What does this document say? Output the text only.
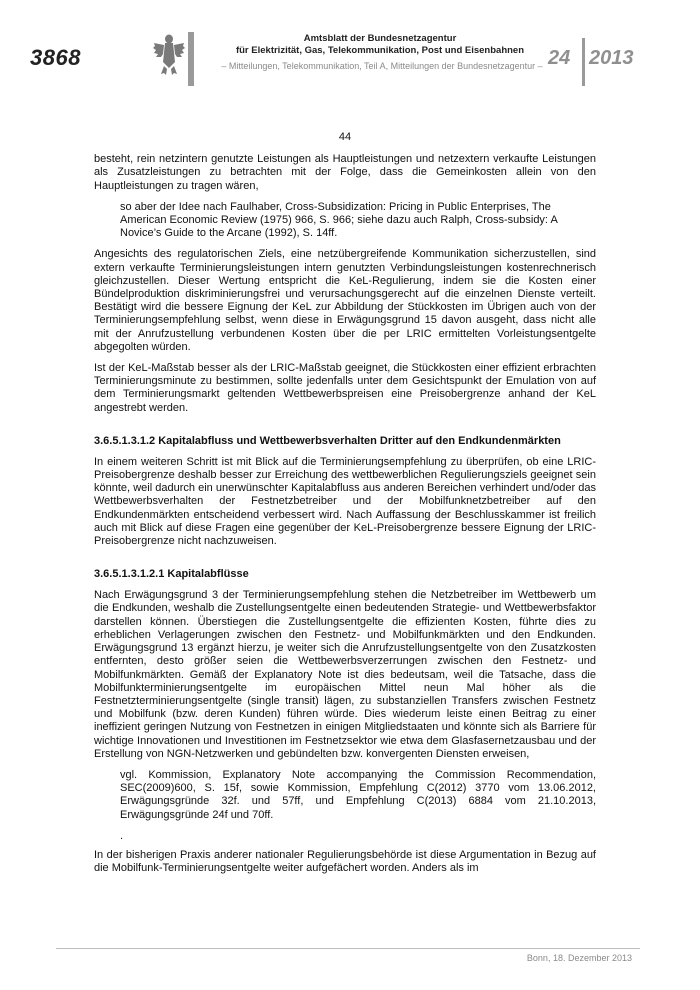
3868
Amtsblatt der Bundesnetzagentur
für Elektrizität, Gas, Telekommunikation, Post und Eisenbahnen
– Mitteilungen, Telekommunikation, Teil A, Mitteilungen der Bundesnetzagentur – 24 2013
44

besteht, rein netzintern genutzte Leistungen als Hauptleistungen und netzextern verkaufte Leistungen als Zusatzleistungen zu betrachten mit der Folge, dass die Gemeinkosten allein von den Hauptleistungen zu tragen wären,

so aber der Idee nach Faulhaber, Cross-Subsidization: Pricing in Public Enterprises, The American Economic Review (1975) 966, S. 966; siehe dazu auch Ralph, Cross-subsidy: A Novice’s Guide to the Arcane (1992), S. 14ff.

Angesichts des regulatorischen Ziels, eine netzübergreifende Kommunikation sicherzustellen, sind extern verkaufte Terminierungsleistungen intern genutzten Verbindungsleistungen kostenrechnerisch gleichzustellen. Dieser Wertung entspricht die KeL-Regulierung, indem sie die Kosten einer Bündelproduktion diskriminierungsfrei und verursachungsgerecht auf die einzelnen Dienste verteilt. Bestätigt wird die bessere Eignung der KeL zur Abbildung der Stückkosten im Übrigen auch von der Terminierungsempfehlung selbst, wenn diese in Erwägungsgrund 15 davon ausgeht, dass nicht alle mit der Anrufzustellung verbundenen Kosten über die per LRIC ermittelten Vorleistungsentgelte abgegolten würden.

Ist der KeL-Maßstab besser als der LRIC-Maßstab geeignet, die Stückkosten einer effizient erbrachten Terminierungsminute zu bestimmen, sollte jedenfalls unter dem Gesichtspunkt der Emulation von auf dem Terminierungsmarkt geltenden Wettbewerbspreisen eine Preisobergrenze anhand der KeL angestrebt werden.

3.6.5.1.3.1.2 Kapitalabfluss und Wettbewerbsverhalten Dritter auf den Endkundenmärkten

In einem weiteren Schritt ist mit Blick auf die Terminierungsempfehlung zu überprüfen, ob eine LRIC-Preisobergrenze deshalb besser zur Erreichung des wettbewerblichen Regulierungsziels geeignet sein könnte, weil dadurch ein unerwünschter Kapitalabfluss aus anderen Bereichen verhindert und/oder das Wettbewerbsverhalten der Festnetzbetreiber und der Mobilfunknetzbetreiber auf den Endkundenmärkten entscheidend verbessert wird. Nach Auffassung der Beschlusskammer ist freilich auch mit Blick auf diese Fragen eine gegenüber der KeL-Preisobergrenze bessere Eignung der LRIC-Preisobergrenze nicht nachzuweisen.

3.6.5.1.3.1.2.1 Kapitalabflüsse

Nach Erwägungsgrund 3 der Terminierungsempfehlung stehen die Netzbetreiber im Wettbewerb um die Endkunden, weshalb die Zustellungsentgelte einen bedeutenden Strategie- und Wettbewerbsfaktor darstellen können. Überstiegen die Zustellungsentgelte die effizienten Kosten, führte dies zu erheblichen Verlagerungen zwischen den Festnetz- und Mobilfunkmärkten und den Endkunden. Erwägungsgrund 13 ergänzt hierzu, je weiter sich die Anrufzustellungsentgelte von den Zusatzkosten entfernten, desto größer seien die Wettbewerbsverzerrungen zwischen den Festnetz- und Mobilfunkmärkten. Gemäß der Explanatory Note ist dies bedeutsam, weil die Tatsache, dass die Mobilfunkterminierungsentgelte im europäischen Mittel neun Mal höher als die Festnetzterminierungsentgelte (single transit) lägen, zu substanziellen Transfers zwischen Festnetz und Mobilfunk (bzw. deren Kunden) führen würde. Dies wiederum leiste einen Beitrag zu einer ineffizient geringen Nutzung von Festnetzen in einigen Mitgliedstaaten und könnte sich als Barriere für wichtige Innovationen und Investitionen im Festnetzsektor wie etwa dem Glasfasernetzausbau und der Erstellung von NGN-Netzwerken und gebündelten bzw. konvergenten Diensten erweisen,

vgl. Kommission, Explanatory Note accompanying the Commission Recommendation, SEC(2009)600, S. 15f, sowie Kommission, Empfehlung C(2012) 3770 vom 13.06.2012, Erwägungsgründe 32f. und 57ff, und Empfehlung C(2013) 6884 vom 21.10.2013, Erwägungsgründe 24f und 70ff.

.

In der bisherigen Praxis anderer nationaler Regulierungsbehörde ist diese Argumentation in Bezug auf die Mobilfunk-Terminierungsentgelte weiter aufgefächert worden. Anders als im

Bonn, 18. Dezember 2013
